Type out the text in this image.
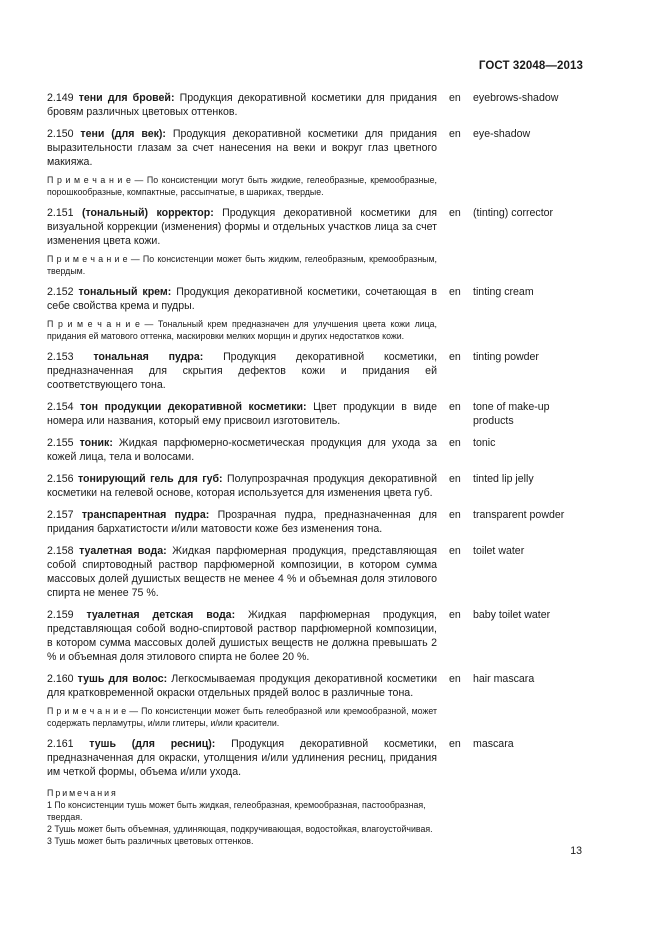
ГОСТ 32048—2013
2.149 тени для бровей: Продукция декоративной косметики для придания бровям различных цветовых оттенков.
en eyebrows-shadow
2.150 тени (для век): Продукция декоративной косметики для придания выразительности глазам за счет нанесения на веки и вокруг глаз цветного макияжа.
en eye-shadow
П р и м е ч а н и е — По консистенции могут быть жидкие, гелеобразные, кремообразные, порошкообразные, компактные, рассыпчатые, в шариках, твердые.
2.151 (тональный) корректор: Продукция декоративной косметики для визуальной коррекции (изменения) формы и отдельных участков лица за счет изменения цвета кожи.
en (tinting) corrector
П р и м е ч а н и е — По консистенции может быть жидким, гелеобразным, кремообразным, твердым.
2.152 тональный крем: Продукция декоративной косметики, сочетающая в себе свойства крема и пудры.
en tinting cream
П р и м е ч а н и е — Тональный крем предназначен для улучшения цвета кожи лица, придания ей матового оттенка, маскировки мелких морщин и других недостатков кожи.
2.153 тональная пудра: Продукция декоративной косметики, предназначенная для скрытия дефектов кожи и придания ей соответствующего тона.
en tinting powder
2.154 тон продукции декоративной косметики: Цвет продукции в виде номера или названия, который ему присвоил изготовитель.
en tone of make-up products
2.155 тоник: Жидкая парфюмерно-косметическая продукция для ухода за кожей лица, тела и волосами.
en tonic
2.156 тонирующий гель для губ: Полупрозрачная продукция декоративной косметики на гелевой основе, которая используется для изменения цвета губ.
en tinted lip jelly
2.157 транспарентная пудра: Прозрачная пудра, предназначенная для придания бархатистости и/или матовости коже без изменения тона.
en transparent powder
2.158 туалетная вода: Жидкая парфюмерная продукция, представляющая собой спиртоводный раствор парфюмерной композиции, в котором сумма массовых долей душистых веществ не менее 4 % и объемная доля этилового спирта не менее 75 %.
en toilet water
2.159 туалетная детская вода: Жидкая парфюмерная продукция, представляющая собой водно-спиртовой раствор парфюмерной композиции, в котором сумма массовых долей душистых веществ не должна превышать 2 % и объемная доля этилового спирта не более 20 %.
en baby toilet water
2.160 тушь для волос: Легкосмываемая продукция декоративной косметики для кратковременной окраски отдельных прядей волос в различные тона.
en hair mascara
П р и м е ч а н и е — По консистенции может быть гелеобразной или кремообразной, может содержать перламутры, и/или глитеры, и/или красители.
2.161 тушь (для ресниц): Продукция декоративной косметики, предназначенная для окраски, утолщения и/или удлинения ресниц, придания им четкой формы, объема и/или ухода.
en mascara
Примечания
1 По консистенции тушь может быть жидкая, гелеобразная, кремообразная, пастообразная, твердая.
2 Тушь может быть объемная, удлиняющая, подкручивающая, водостойкая, влагоустойчивая.
3 Тушь может быть различных цветовых оттенков.
13
